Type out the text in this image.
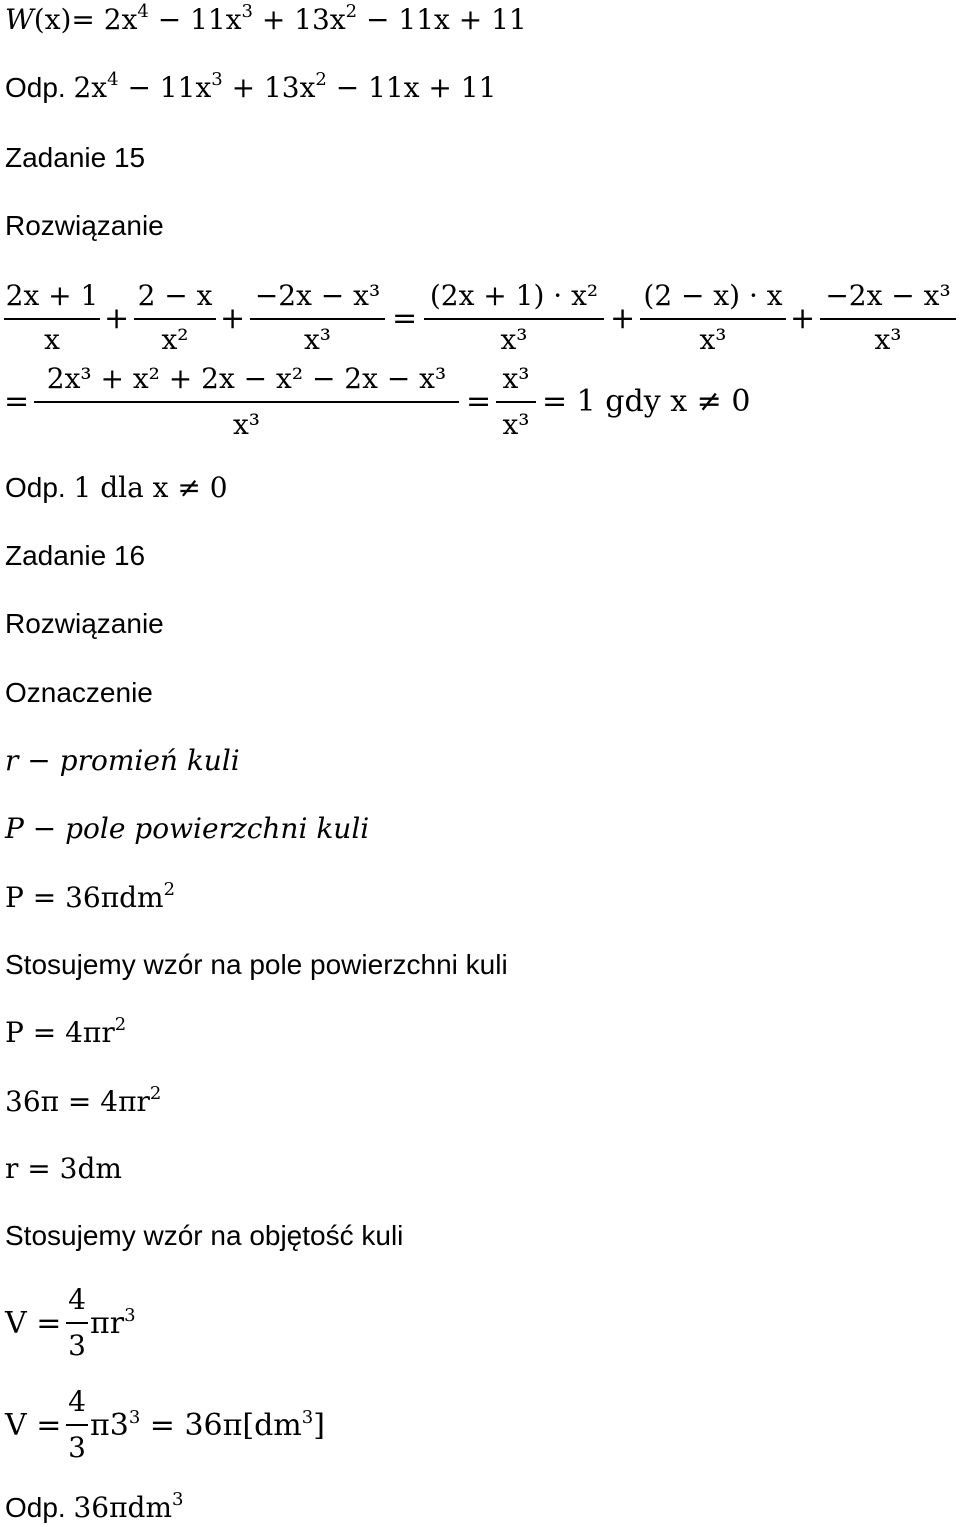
$W(x)= 2x^4 - 11x^3 + 13x^2 - 11x + 11$
Odp. $2x^4 - 11x^3 + 13x^2 - 11x + 11$
Zadanie 15
Rozwiązanie
2x + 1
x
+
2 − x
x²
+
−2x − x³
x³
=
(2x + 1) · x²
x³
+
(2 − x) · x
x³
+
−2x − x³
x³
=
2x³ + x² + 2x − x² − 2x − x³
x³
=
x³
x³
= 1 gdy x ≠ 0
Odp. 1 dla x ≠ 0
Zadanie 16
Rozwiązanie
Oznaczenie
r − promień kuli
P − pole powierzchni kuli
P = 36πdm$^2$
Stosujemy wzór na pole powierzchni kuli
$P = 4\pi r^2$
$36\pi = 4\pi r^2$
r = 3dm
Stosujemy wzór na objętość kuli
V =
4
3
$\pi r^3$
V =
4
3
$\pi 3^3 = 36\pi[dm^3]$
Odp. 36πdm$^3$
